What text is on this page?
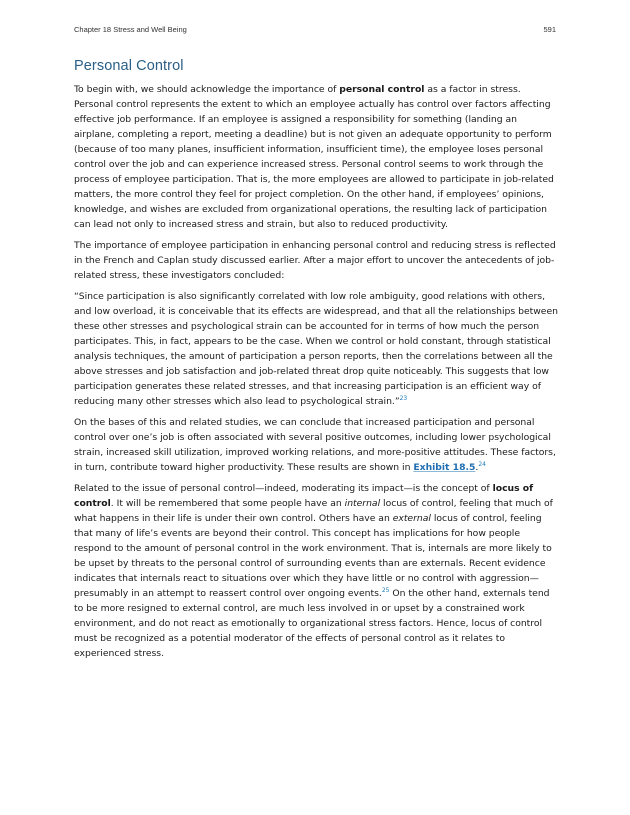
Chapter 18 Stress and Well Being	591
Personal Control

To begin with, we should acknowledge the importance of personal control as a factor in stress. Personal control represents the extent to which an employee actually has control over factors affecting effective job performance. If an employee is assigned a responsibility for something (landing an airplane, completing a report, meeting a deadline) but is not given an adequate opportunity to perform (because of too many planes, insufficient information, insufficient time), the employee loses personal control over the job and can experience increased stress. Personal control seems to work through the process of employee participation. That is, the more employees are allowed to participate in job-related matters, the more control they feel for project completion. On the other hand, if employees’ opinions, knowledge, and wishes are excluded from organizational operations, the resulting lack of participation can lead not only to increased stress and strain, but also to reduced productivity.

The importance of employee participation in enhancing personal control and reducing stress is reflected in the French and Caplan study discussed earlier. After a major effort to uncover the antecedents of job-related stress, these investigators concluded:

“Since participation is also significantly correlated with low role ambiguity, good relations with others, and low overload, it is conceivable that its effects are widespread, and that all the relationships between these other stresses and psychological strain can be accounted for in terms of how much the person participates. This, in fact, appears to be the case. When we control or hold constant, through statistical analysis techniques, the amount of participation a person reports, then the correlations between all the above stresses and job satisfaction and job-related threat drop quite noticeably. This suggests that low participation generates these related stresses, and that increasing participation is an efficient way of reducing many other stresses which also lead to psychological strain.”$^{23}$

On the bases of this and related studies, we can conclude that increased participation and personal control over one’s job is often associated with several positive outcomes, including lower psychological strain, increased skill utilization, improved working relations, and more-positive attitudes. These factors, in turn, contribute toward higher productivity. These results are shown in Exhibit 18.5.24

Related to the issue of personal control—indeed, moderating its impact—is the concept of locus of control. It will be remembered that some people have an internal locus of control, feeling that much of what happens in their life is under their own control. Others have an external locus of control, feeling that many of life’s events are beyond their control. This concept has implications for how people respond to the amount of personal control in the work environment. That is, internals are more likely to be upset by threats to the personal control of surrounding events than are externals. Recent evidence indicates that internals react to situations over which they have little or no control with aggression—presumably in an attempt to reassert control over ongoing events.$^{25}$ On the other hand, externals tend to be more resigned to external control, are much less involved in or upset by a constrained work environment, and do not react as emotionally to organizational stress factors. Hence, locus of control must be recognized as a potential moderator of the effects of personal control as it relates to experienced stress.
